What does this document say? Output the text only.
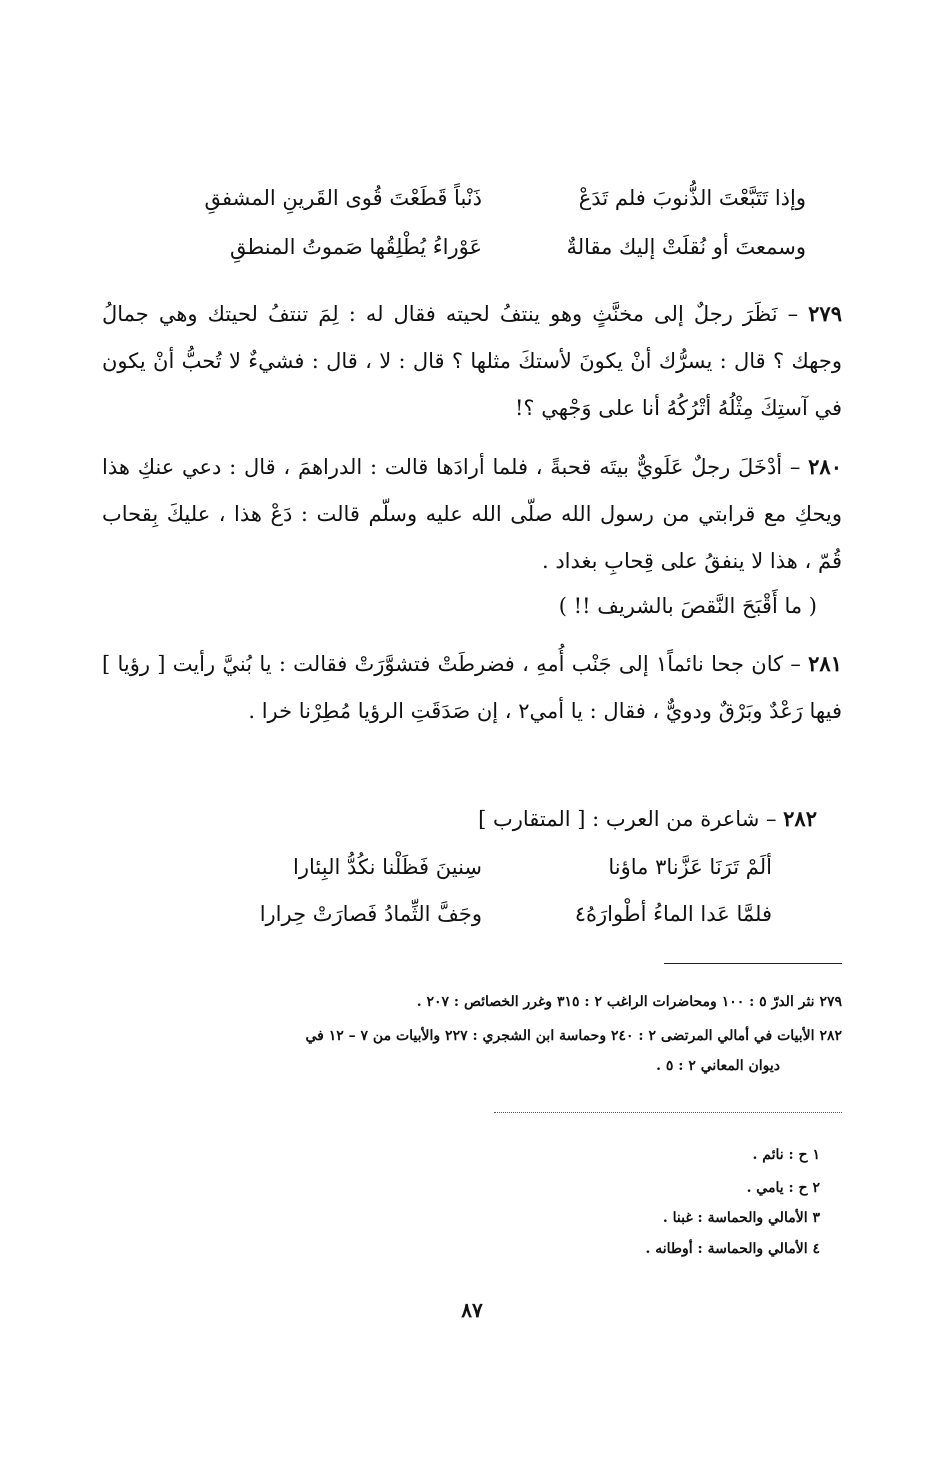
وإذا تَتَبَّعْتَ الذُّنوبَ فلم تَدَعْ
ذَنْباً قَطَعْتَ قُوى القَرينِ المشفقِ
وسمعتَ أو نُقلَتْ إليك مقالةٌ
عَوْراءُ يُطْلِقُها صَموتُ المنطقِ
٢٧٩ – نَظَرَ رجلٌ إلى مخنَّثٍ وهو ينتفُ لحيته فقال له : لِمَ تنتفُ لحيتك وهي جمالُ وجهك ؟ قال : يسرُّك أنْ يكونَ لأستكَ مثلها ؟ قال : لا ، قال : فشيءٌ لا تُحبُّ أنْ يكون في آستِكَ مِثْلُهُ أتْرُكُهُ أنا على وَجْهي ؟!
٢٨٠ – أدْخَلَ رجلٌ عَلَويٌّ بيتَه قحبةً ، فلما أرادَها قالت : الدراهمَ ، قال : دعي عنكِ هذا ويحكِ مع قرابتي من رسول الله صلّى الله عليه وسلّم قالت : دَعْ هذا ، عليكَ بِقحاب قُمّ ، هذا لا ينفقُ على قِحابِ بغداد .
( ما أَقْبَحَ النَّقصَ بالشريف !! )
٢٨١ – كان جحا نائماً١ إلى جَنْب أُمهِ ، فضرطَتْ فتشوَّرَتْ فقالت : يا بُنيَّ رأيت [ رؤيا ] فيها رَعْدٌ وبَرْقٌ ودويٌّ ، فقال : يا أمي٢ ، إن صَدَقَتِ الرؤيا مُطِرْنا خرا .
٢٨٢ – شاعرة من العرب : [ المتقارب ]
ألَمْ تَرَنَا عَزَّنا٣ ماؤنا
سِنينَ فَظَلْنا نكُدُّ البِئارا
فلمَّا عَدا الماءُ أطْوارَهُ٤
وجَفَّ الثِّمادُ فَصارَتْ حِرارا
٢٧٩ نثر الدرّ ٥ : ١٠٠ ومحاضرات الراغب ٢ : ٣١٥ وغرر الخصائص : ٢٠٧ .
٢٨٢ الأبيات في أمالي المرتضى ٢ : ٢٤٠ وحماسة ابن الشجري : ٢٢٧ والأبيات من ٧ – ١٢ في
ديوان المعاني ٢ : ٥ .
١ ح : نائم .
٢ ح : يامي .
٣ الأمالي والحماسة : غبنا .
٤ الأمالي والحماسة : أوطانه .
٨٧
